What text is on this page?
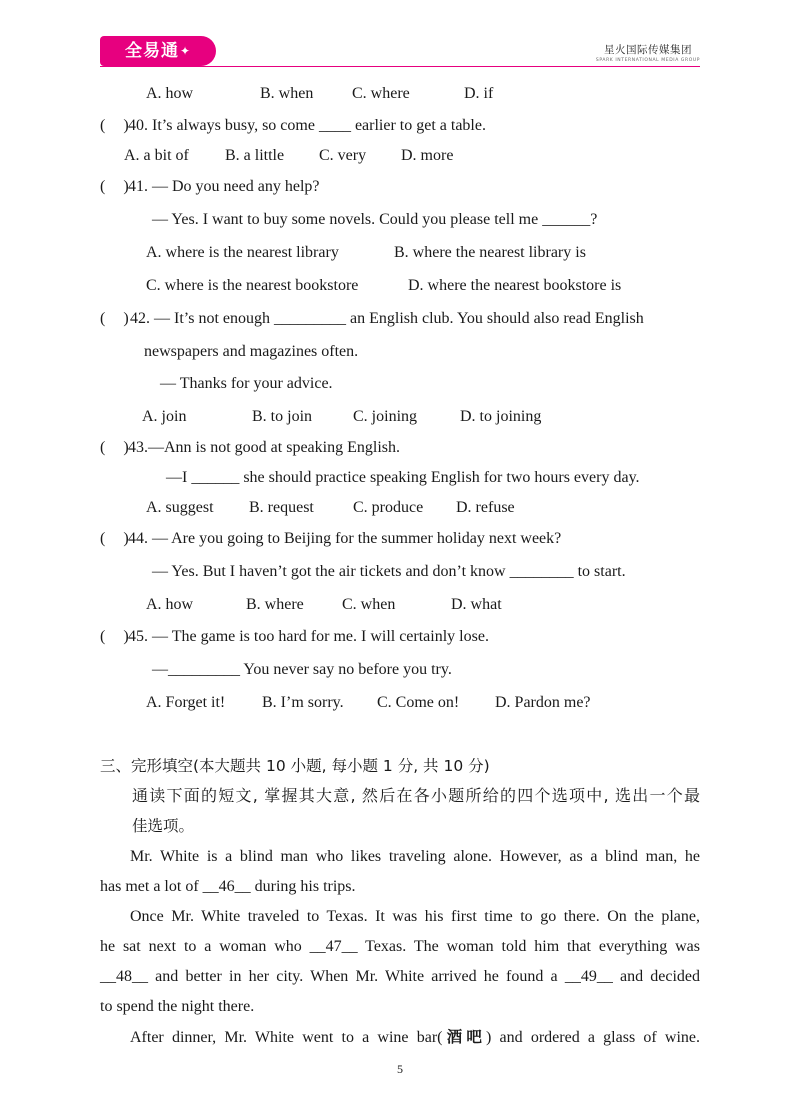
全易通✦	星火国际传媒集团
SPARK INTERNATIONAL MEDIA GROUP
A. how	B. when C. where	D. if
( ) 40. It’s always busy, so come ____ earlier to get a table.
A. a bit of B. a little C. very D. more
( ) 41. — Do you need any help?
— Yes. I want to buy some novels. Could you please tell me ______?
A. where is the nearest library	B. where the nearest library is
C. where is the nearest bookstore	D. where the nearest bookstore is
( ) 42. — It’s not enough _________ an English club. You should also read English
newspapers and magazines often.
— Thanks for your advice.
A. join	B. to join	C. joining	D. to joining
( ) 43.—Ann is not good at speaking English.
—I ______ she should practice speaking English for two hours every day.
A. suggest B. request C. produce D. refuse
( ) 44. — Are you going to Beijing for the summer holiday next week?
— Yes. But I haven’t got the air tickets and don’t know ________ to start.
A. how	B. where C. when	D. what
( ) 45. — The game is too hard for me. I will certainly lose.
—_________ You never say no before you try.
A. Forget it! B. I’m sorry. C. Come on! D. Pardon me?
三、完形填空(本大题共 10 小题, 每小题 1 分, 共 10 分)
通读下面的短文, 掌握其大意, 然后在各小题所给的四个选项中, 选出一个最
佳选项。
Mr. White is a blind man who likes traveling alone. However, as a blind man, he
has met a lot of __46__ during his trips.
Once Mr. White traveled to Texas. It was his first time to go there. On the plane,
he sat next to a woman who __47__ Texas. The woman told him that everything was
__48__ and better in her city. When Mr. White arrived he found a __49__ and decided
to spend the night there.
After dinner, Mr. White went to a wine bar(酒吧) and ordered a glass of wine.
5
